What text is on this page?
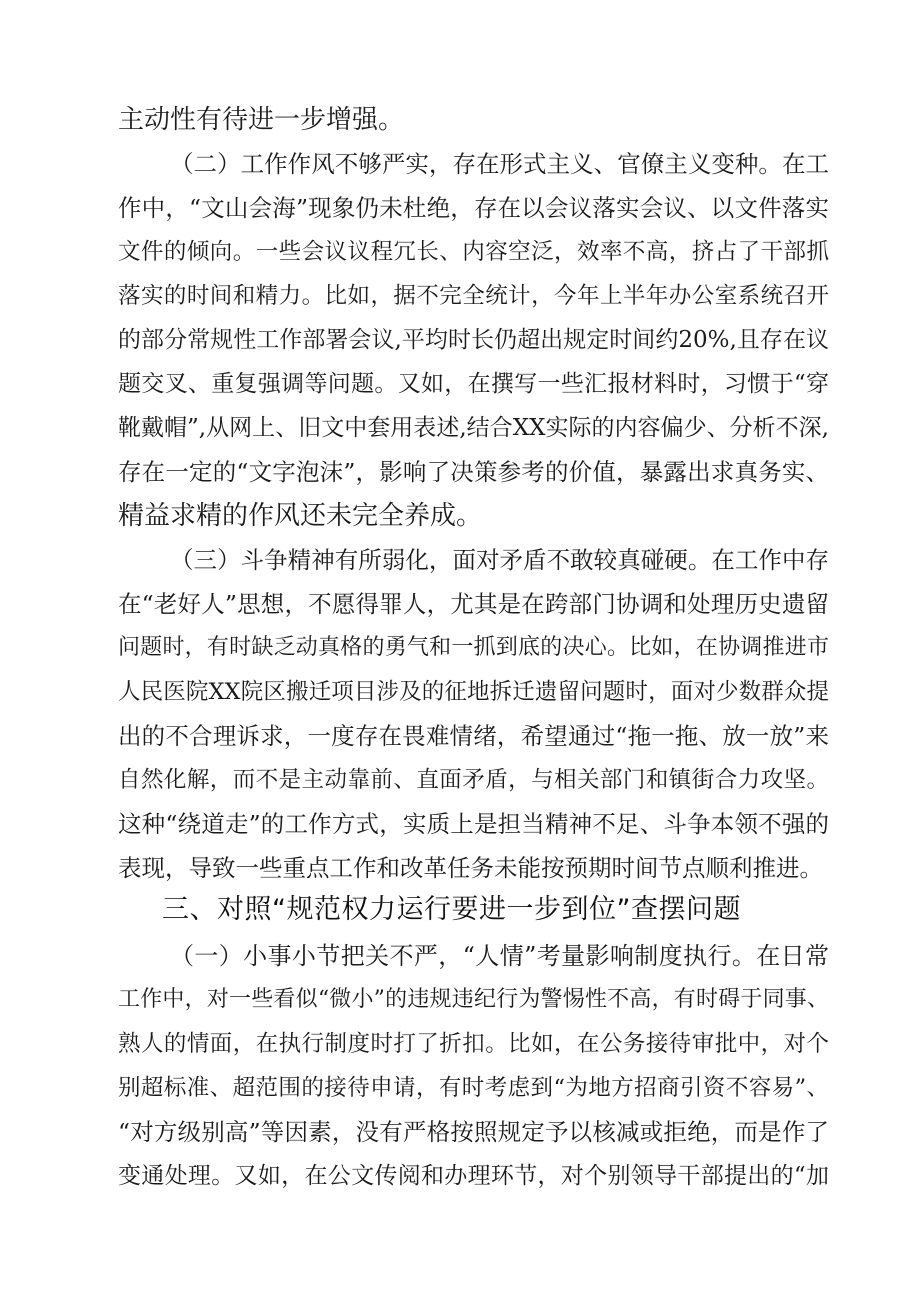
主动性有待进一步增强。
（二）工作作风不够严实，存在形式主义、官僚主义变种。在工
作中，“文山会海”现象仍未杜绝，存在以会议落实会议、以文件落实
文件的倾向。一些会议议程冗长、内容空泛，效率不高，挤占了干部抓
落实的时间和精力。比如，据不完全统计，今年上半年办公室系统召开
的部分常规性工作部署会议,平均时长仍超出规定时间约20%,且存在议
题交叉、重复强调等问题。又如，在撰写一些汇报材料时，习惯于“穿
靴戴帽”,从网上、旧文中套用表述,结合XX实际的内容偏少、分析不深,
存在一定的“文字泡沫”，影响了决策参考的价值，暴露出求真务实、
精益求精的作风还未完全养成。
（三）斗争精神有所弱化，面对矛盾不敢较真碰硬。在工作中存
在“老好人”思想，不愿得罪人，尤其是在跨部门协调和处理历史遗留
问题时，有时缺乏动真格的勇气和一抓到底的决心。比如，在协调推进市
人民医院XX院区搬迁项目涉及的征地拆迁遗留问题时，面对少数群众提
出的不合理诉求，一度存在畏难情绪，希望通过“拖一拖、放一放”来
自然化解，而不是主动靠前、直面矛盾，与相关部门和镇街合力攻坚。
这种“绕道走”的工作方式，实质上是担当精神不足、斗争本领不强的
表现，导致一些重点工作和改革任务未能按预期时间节点顺利推进。
三、对照“规范权力运行要进一步到位”查摆问题
（一）小事小节把关不严，“人情”考量影响制度执行。在日常
工作中，对一些看似“微小”的违规违纪行为警惕性不高，有时碍于同事、
熟人的情面，在执行制度时打了折扣。比如，在公务接待审批中，对个
别超标准、超范围的接待申请，有时考虑到“为地方招商引资不容易”、
“对方级别高”等因素，没有严格按照规定予以核减或拒绝，而是作了
变通处理。又如，在公文传阅和办理环节，对个别领导干部提出的“加
